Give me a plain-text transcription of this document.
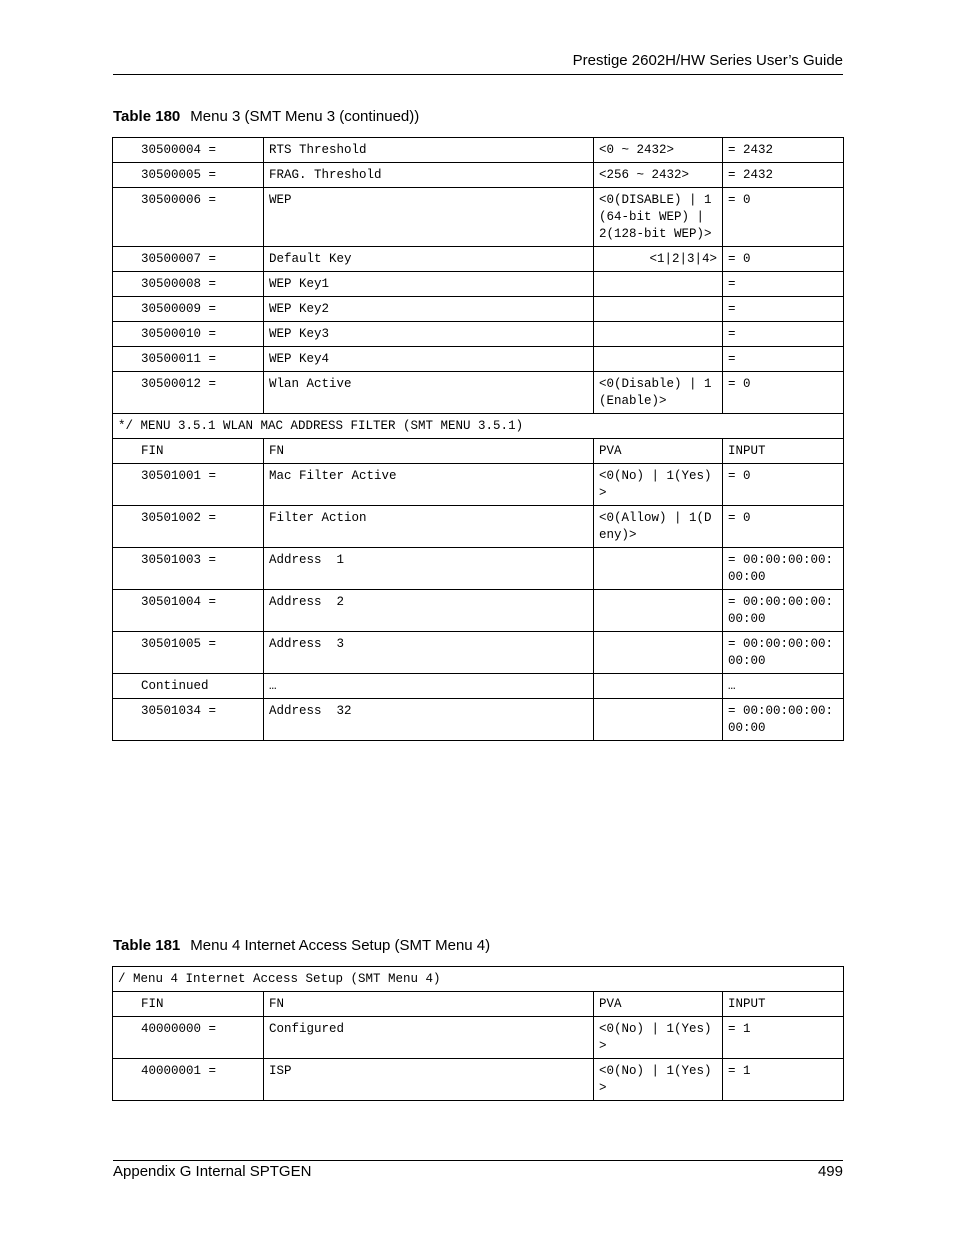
Prestige 2602H/HW Series User’s Guide
Table 180 Menu 3 (SMT Menu 3 (continued))
30500004 =	RTS Threshold	<0 ~ 2432>	= 2432
30500005 =	FRAG. Threshold	<256 ~ 2432>	= 2432
30500006 =	WEP	<0(DISABLE) | 1(64-bit WEP) | 2(128-bit WEP)>	= 0
30500007 =	Default Key	<1|2|3|4>	= 0
30500008 =	WEP Key1		=
30500009 =	WEP Key2		=
30500010 =	WEP Key3		=
30500011 =	WEP Key4		=
30500012 =	Wlan Active	<0(Disable) | 1(Enable)>	= 0
*/ MENU 3.5.1 WLAN MAC ADDRESS FILTER (SMT MENU 3.5.1)			
FIN	FN	PVA	INPUT
30501001 =	Mac Filter Active	<0(No) | 1(Yes)>	= 0
30501002 =	Filter Action	<0(Allow) | 1(Deny)>	= 0
30501003 =	Address  1		= 00:00:00:00:00:00
30501004 =	Address  2		= 00:00:00:00:00:00
30501005 =	Address  3		= 00:00:00:00:00:00
Continued	…		…
30501034 =	Address  32		= 00:00:00:00:00:00
Table 181 Menu 4 Internet Access Setup (SMT Menu 4)
/ Menu 4 Internet Access Setup (SMT Menu 4)			
FIN	FN	PVA	INPUT
40000000 =	Configured	<0(No) | 1(Yes)>	= 1
40000001 =	ISP	<0(No) | 1(Yes)>	= 1
Appendix G Internal SPTGEN	499
